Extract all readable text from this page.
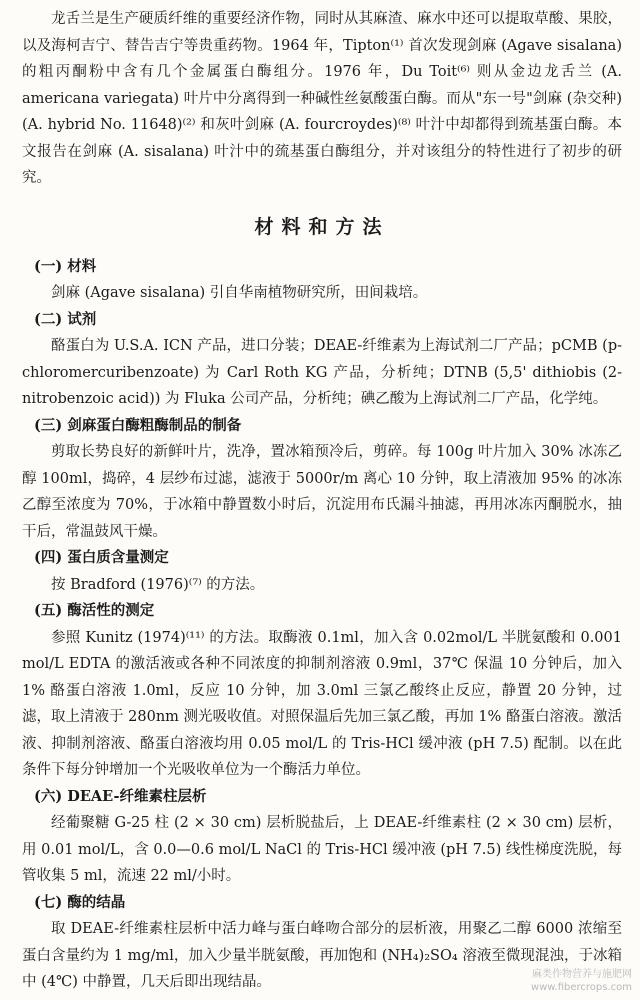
龙舌兰是生产硬质纤维的重要经济作物，同时从其麻渣、麻水中还可以提取草酸、果胶，以及海柯吉宁、替告吉宁等贵重药物。1964 年，Tipton⁽¹⁾ 首次发现剑麻 (Agave sisalana) 的粗丙酮粉中含有几个金属蛋白酶组分。1976 年，Du Toit⁽⁶⁾ 则从金边龙舌兰 (A. americana variegata) 叶片中分离得到一种碱性丝氨酸蛋白酶。而从"东一号"剑麻 (杂交种) (A. hybrid No. 11648)⁽²⁾ 和灰叶剑麻 (A. fourcroydes)⁽⁸⁾ 叶汁中却都得到巯基蛋白酶。本文报告在剑麻 (A. sisalana) 叶汁中的巯基蛋白酶组分，并对该组分的特性进行了初步的研究。

材料和方法
(一) 材料

剑麻 (Agave sisalana) 引自华南植物研究所，田间栽培。

(二) 试剂

酪蛋白为 U.S.A. ICN 产品，进口分装；DEAE-纤维素为上海试剂二厂产品；pCMB (p-chloromercuribenzoate) 为 Carl Roth KG 产品，分析纯；DTNB (5,5' dithiobis (2-nitrobenzoic acid)) 为 Fluka 公司产品，分析纯；碘乙酸为上海试剂二厂产品，化学纯。

(三) 剑麻蛋白酶粗酶制品的制备

剪取长势良好的新鲜叶片，洗净，置冰箱预冷后，剪碎。每 100g 叶片加入 30% 冰冻乙醇 100ml，捣碎，4 层纱布过滤，滤液于 5000r/m 离心 10 分钟，取上清液加 95% 的冰冻乙醇至浓度为 70%，于冰箱中静置数小时后，沉淀用布氏漏斗抽滤，再用冰冻丙酮脱水，抽干后，常温鼓风干燥。

(四) 蛋白质含量测定

按 Bradford (1976)⁽⁷⁾ 的方法。

(五) 酶活性的测定

参照 Kunitz (1974)⁽¹¹⁾ 的方法。取酶液 0.1ml，加入含 0.02mol/L 半胱氨酸和 0.001 mol/L EDTA 的激活液或各种不同浓度的抑制剂溶液 0.9ml，37℃ 保温 10 分钟后，加入 1% 酪蛋白溶液 1.0ml，反应 10 分钟，加 3.0ml 三氯乙酸终止反应，静置 20 分钟，过滤，取上清液于 280nm 测光吸收值。对照保温后先加三氯乙酸，再加 1% 酪蛋白溶液。激活液、抑制剂溶液、酪蛋白溶液均用 0.05 mol/L 的 Tris-HCl 缓冲液 (pH 7.5) 配制。以在此条件下每分钟增加一个光吸收单位为一个酶活力单位。

(六) DEAE-纤维素柱层析

经葡聚糖 G-25 柱 (2 × 30 cm) 层析脱盐后，上 DEAE-纤维素柱 (2 × 30 cm) 层析，用 0.01 mol/L，含 0.0—0.6 mol/L NaCl 的 Tris-HCl 缓冲液 (pH 7.5) 线性梯度洗脱，每管收集 5 ml，流速 22 ml/小时。

(七) 酶的结晶

取 DEAE-纤维素柱层析中活力峰与蛋白峰吻合部分的层析液，用聚乙二醇 6000 浓缩至蛋白含量约为 1 mg/ml，加入少量半胱氨酸，再加饱和 (NH₄)₂SO₄ 溶液至微现混浊，于冰箱中 (4℃) 中静置，几天后即出现结晶。	麻类作物营养与施肥网
www.fibercrops.com
